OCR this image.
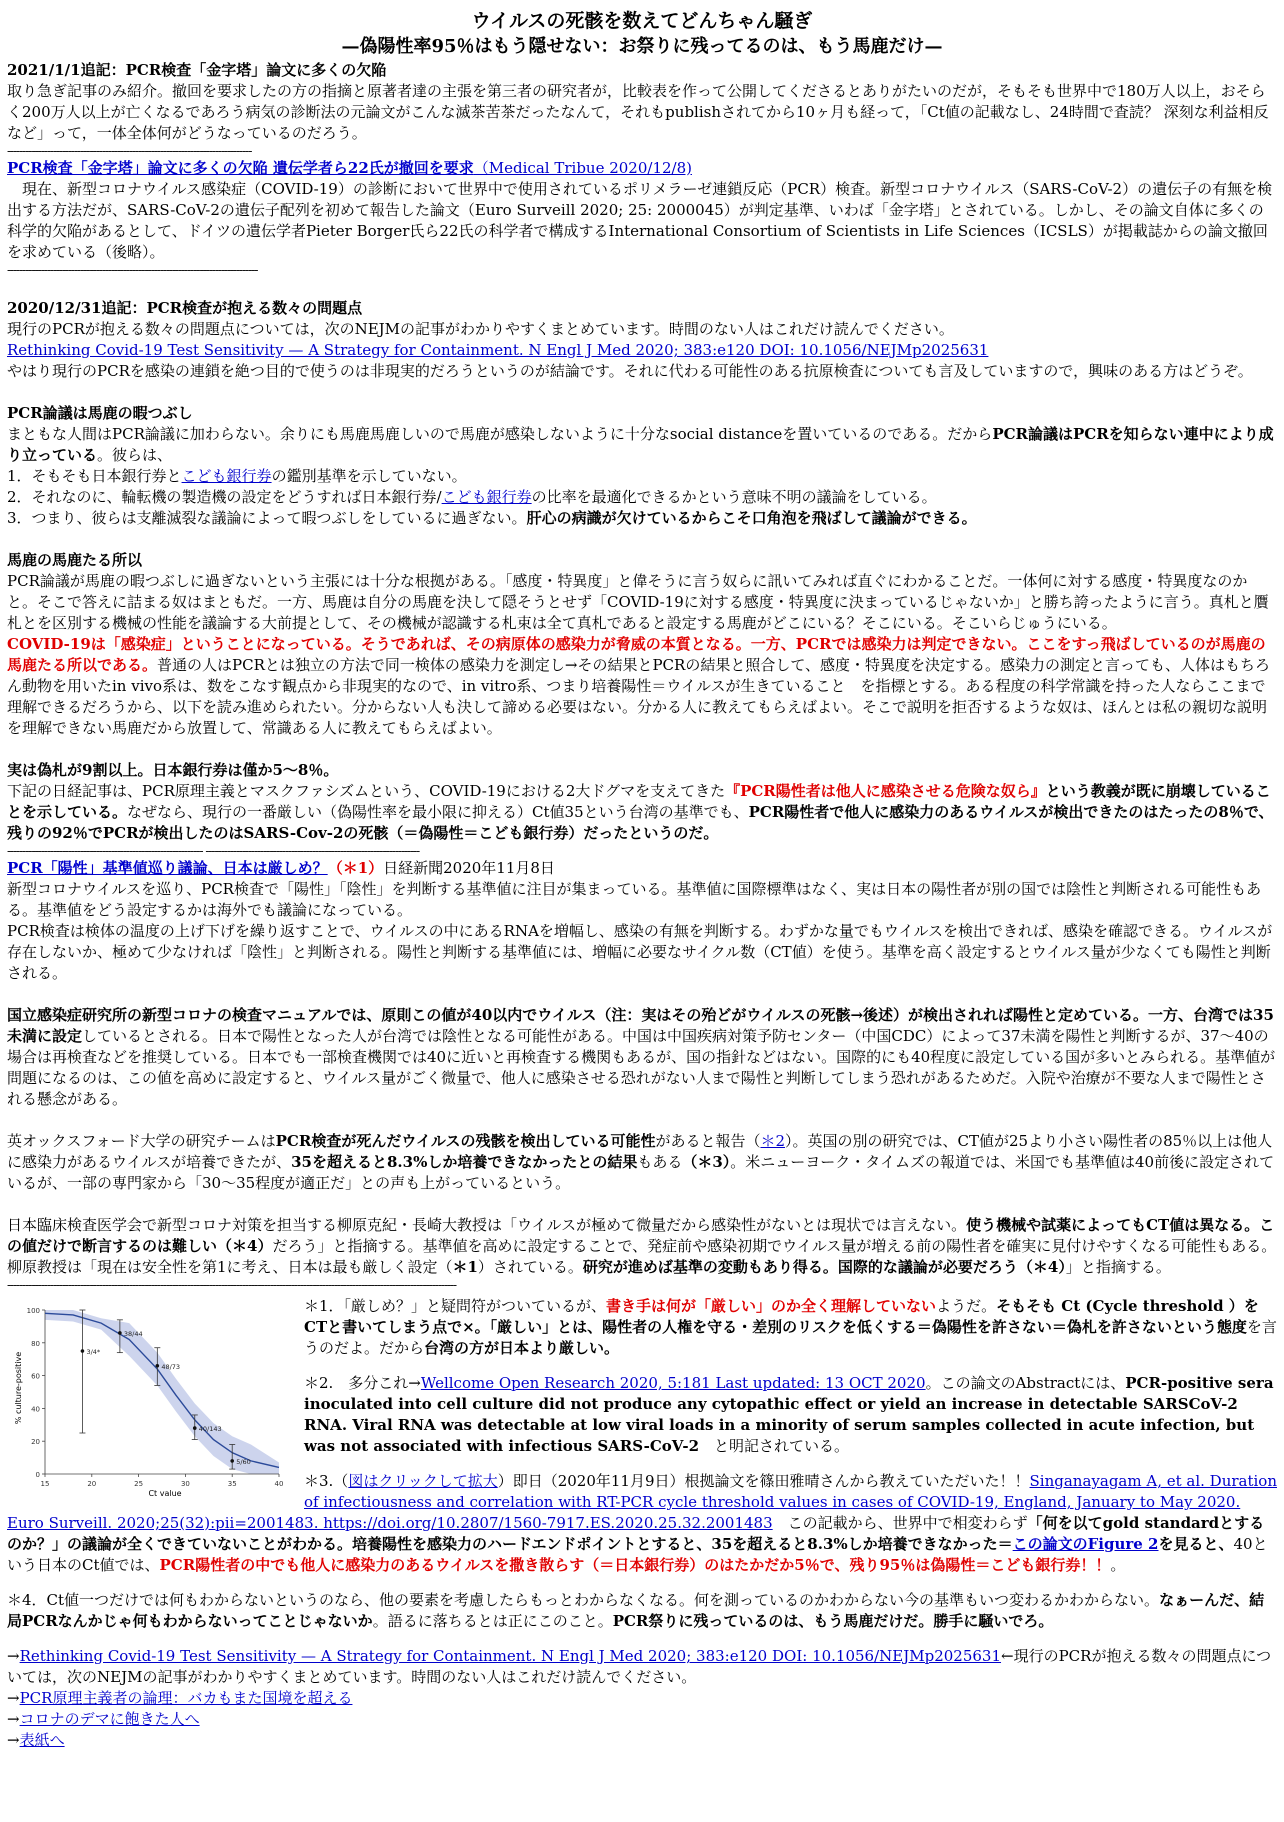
ウイルスの死骸を数えてどんちゃん騒ぎ
—偽陽性率95％はもう隠せない：お祭りに残ってるのは、もう馬鹿だけ—

2021/1/1追記：PCR検査「金字塔」論文に多くの欠陥

取り急ぎ記事のみ紹介。撤回を要求したの方の指摘と原著者達の主張を第三者の研究者が，比較表を作って公開してくださるとありがたいのだが，そもそも世界中で180万人以上，おそらく200万人以上が亡くなるであろう病気の診断法の元論文がこんな滅茶苦茶だったなんて，それもpublishされてから10ヶ月も経って，「Ct値の記載なし、24時間で査読？ 深刻な利益相反など」って，一体全体何がどうなっているのだろう。

--------------------------------------------------------------------------------

PCR検査「金字塔」論文に多くの欠陥 遺伝学者ら22氏が撤回を要求（Medical Tribue 2020/12/8)

　現在、新型コロナウイルス感染症（COVID-19）の診断において世界中で使用されているポリメラーゼ連鎖反応（PCR）検査。新型コロナウイルス（SARS-CoV-2）の遺伝子の有無を検出する方法だが、SARS-CoV-2の遺伝子配列を初めて報告した論文（Euro Surveill 2020; 25: 2000045）が判定基準、いわば「金字塔」とされている。しかし、その論文自体に多くの科学的欠陥があるとして、ドイツの遺伝学者Pieter Borger氏ら22氏の科学者で構成するInternational Consortium of Scientists in Life Sciences（ICSLS）が掲載誌からの論文撤回を求めている（後略）。

----------------------------------------------------------------------------------

2020/12/31追記：PCR検査が抱える数々の問題点

現行のPCRが抱える数々の問題点については，次のNEJMの記事がわかりやすくまとめています。時間のない人はこれだけ読んでください。

Rethinking Covid-19 Test Sensitivity — A Strategy for Containment. N Engl J Med 2020; 383:e120 DOI: 10.1056/NEJMp2025631

やはり現行のPCRを感染の連鎖を絶つ目的で使うのは非現実的だろうというのが結論です。それに代わる可能性のある抗原検査についても言及していますので，興味のある方はどうぞ。

PCR論議は馬鹿の暇つぶし

まともな人間はPCR論議に加わらない。余りにも馬鹿馬鹿しいので馬鹿が感染しないように十分なsocial distanceを置いているのである。だからPCR論議はPCRを知らない連中により成り立っている。彼らは、

1．そもそも日本銀行券とこども銀行券の鑑別基準を示していない。

2．それなのに、輪転機の製造機の設定をどうすれば日本銀行券/こども銀行券の比率を最適化できるかという意味不明の議論をしている。

3．つまり、彼らは支離滅裂な議論によって暇つぶしをしているに過ぎない。肝心の病識が欠けているからこそ口角泡を飛ばして議論ができる。

馬鹿の馬鹿たる所以

PCR論議が馬鹿の暇つぶしに過ぎないという主張には十分な根拠がある。「感度・特異度」と偉そうに言う奴らに訊いてみれば直ぐにわかることだ。一体何に対する感度・特異度なのかと。そこで答えに詰まる奴はまともだ。一方、馬鹿は自分の馬鹿を決して隠そうとせず「COVID-19に対する感度・特異度に決まっているじゃないか」と勝ち誇ったように言う。真札と贋札とを区別する機械の性能を議論する大前提として、その機械が認識する札束は全て真札であると設定する馬鹿がどこにいる？そこにいる。そこいらじゅうにいる。

COVID-19は「感染症」ということになっている。そうであれば、その病原体の感染力が脅威の本質となる。一方、PCRでは感染力は判定できない。ここをすっ飛ばしているのが馬鹿の馬鹿たる所以である。普通の人はPCRとは独立の方法で同一検体の感染力を測定し→その結果とPCRの結果と照合して、感度・特異度を決定する。感染力の測定と言っても、人体はもちろん動物を用いたin vivo系は、数をこなす観点から非現実的なので、in vitro系、つまり培養陽性＝ウイルスが生きていること　を指標とする。ある程度の科学常識を持った人ならここまで理解できるだろうから、以下を読み進められたい。分からない人も決して諦める必要はない。分かる人に教えてもらえばよい。そこで説明を拒否するような奴は、ほんとは私の親切な説明を理解できない馬鹿だから放置して、常識ある人に教えてもらえばよい。

実は偽札が9割以上。日本銀行券は僅か5～8％。

下記の日経記事は、PCR原理主義とマスクファシズムという、COVID-19における2大ドグマを支えてきた『PCR陽性者は他人に感染させる危険な奴ら』という教義が既に崩壊していることを示している。なぜなら、現行の一番厳しい（偽陽性率を最小限に抑える）Ct値35という台湾の基準でも、PCR陽性者で他人に感染力のあるウイルスが検出できたのはたったの8％で、残りの92％でPCRが検出したのはSARS-Cov-2の死骸（＝偽陽性＝こども銀行券）だったというのだ。

---------------------------------------------------------------- ----------------------------------------------------------------------

PCR「陽性」基準値巡り議論、日本は厳しめ？（＊1）日経新聞2020年11月8日

新型コロナウイルスを巡り、PCR検査で「陽性」「陰性」を判断する基準値に注目が集まっている。基準値に国際標準はなく、実は日本の陽性者が別の国では陰性と判断される可能性もある。基準値をどう設定するかは海外でも議論になっている。

PCR検査は検体の温度の上げ下げを繰り返すことで、ウイルスの中にあるRNAを増幅し、感染の有無を判断する。わずかな量でもウイルスを検出できれば、感染を確認できる。ウイルスが存在しないか、極めて少なければ「陰性」と判断される。陽性と判断する基準値には、増幅に必要なサイクル数（CT値）を使う。基準を高く設定するとウイルス量が少なくても陽性と判断される。

国立感染症研究所の新型コロナの検査マニュアルでは、原則この値が40以内でウイルス（注：実はその殆どがウイルスの死骸→後述）が検出されれば陽性と定めている。一方、台湾では35未満に設定しているとされる。日本で陽性となった人が台湾では陰性となる可能性がある。中国は中国疾病対策予防センター（中国CDC）によって37未満を陽性と判断するが、37～40の場合は再検査などを推奨している。日本でも一部検査機関では40に近いと再検査する機関もあるが、国の指針などはない。国際的にも40程度に設定している国が多いとみられる。基準値が問題になるのは、この値を高めに設定すると、ウイルス量がごく微量で、他人に感染させる恐れがない人まで陽性と判断してしまう恐れがあるためだ。入院や治療が不要な人まで陽性とされる懸念がある。

英オックスフォード大学の研究チームはPCR検査が死んだウイルスの残骸を検出している可能性があると報告（＊2）。英国の別の研究では、CT値が25より小さい陽性者の85％以上は他人に感染力があるウイルスが培養できたが、35を超えると8.3%しか培養できなかったとの結果もある（＊3）。米ニューヨーク・タイムズの報道では、米国でも基準値は40前後に設定されているが、一部の専門家から「30～35程度が適正だ」との声も上がっているという。

日本臨床検査医学会で新型コロナ対策を担当する柳原克紀・長崎大教授は「ウイルスが極めて微量だから感染性がないとは現状では言えない。使う機械や試薬によってもCT値は異なる。この値だけで断言するのは難しい（＊4）だろう」と指摘する。基準値を高めに設定することで、発症前や感染初期でウイルス量が増える前の陽性者を確実に見付けやすくなる可能性もある。柳原教授は「現在は安全性を第1に考え、日本は最も厳しく設定（＊1）されている。研究が進めば基準の変動もあり得る。国際的な議論が必要だろう（＊4）」と指摘する。

---------------------------------------------------------------------------------------------------------------------------------------------------
0
20
40
60
80
100
15	20	25	30	35	40
3/4*
38/44
48/73
40/143
5/60
% culture-positive
Ct value

＊1．「厳しめ？」と疑問符がついているが、書き手は何が「厳しい」のか全く理解していないようだ。そもそも Ct (Cycle threshold ）をCTと書いてしまう点で×。「厳しい」とは、陽性者の人権を守る・差別のリスクを低くする＝偽陽性を許さない＝偽札を許さないという態度を言うのだよ。だから台湾の方が日本より厳しい。

＊2.　多分これ→Wellcome Open Research 2020, 5:181 Last updated: 13 OCT 2020。この論文のAbstractには、PCR-positive sera inoculated into cell culture did not produce any cytopathic effect or yield an increase in detectable SARSCoV-2 RNA. Viral RNA was detectable at low viral loads in a minority of serum samples collected in acute infection, but was not associated with infectious SARS-CoV-2　と明記されている。

＊3.（図はクリックして拡大）即日（2020年11月9日）根拠論文を篠田雅晴さんから教えていただいた！！Singanayagam A, et al. Duration of infectiousness and correlation with RT-PCR cycle threshold values in cases of COVID-19, England, January to May 2020. Euro Surveill. 2020;25(32):pii=2001483. https://doi.org/10.2807/1560-7917.ES.2020.25.32.2001483　この記載から、世界中で相変わらず「何を以てgold standardとするのか？」の議論が全くできていないことがわかる。培養陽性を感染力のハードエンドポイントとすると、35を超えると8.3%しか培養できなかった＝この論文のFigure 2を見ると、40という日本のCt値では、PCR陽性者の中でも他人に感染力のあるウイルスを撒き散らす（＝日本銀行券）のはたかだか5％で、残り95％は偽陽性＝こども銀行券！！。

＊4．Ct値一つだけでは何もわからないというのなら、他の要素を考慮したらもっとわからなくなる。何を測っているのかわからない今の基準もいつ変わるかわからない。なぁーんだ、結局PCRなんかじゃ何もわからないってことじゃないか。語るに落ちるとは正にこのこと。PCR祭りに残っているのは、もう馬鹿だけだ。勝手に騒いでろ。

→Rethinking Covid-19 Test Sensitivity — A Strategy for Containment. N Engl J Med 2020; 383:e120 DOI: 10.1056/NEJMp2025631←現行のPCRが抱える数々の問題点については，次のNEJMの記事がわかりやすくまとめています。時間のない人はこれだけ読んでください。

→PCR原理主義者の論理：バカもまた国境を超える

→コロナのデマに飽きた人へ

→表紙へ
